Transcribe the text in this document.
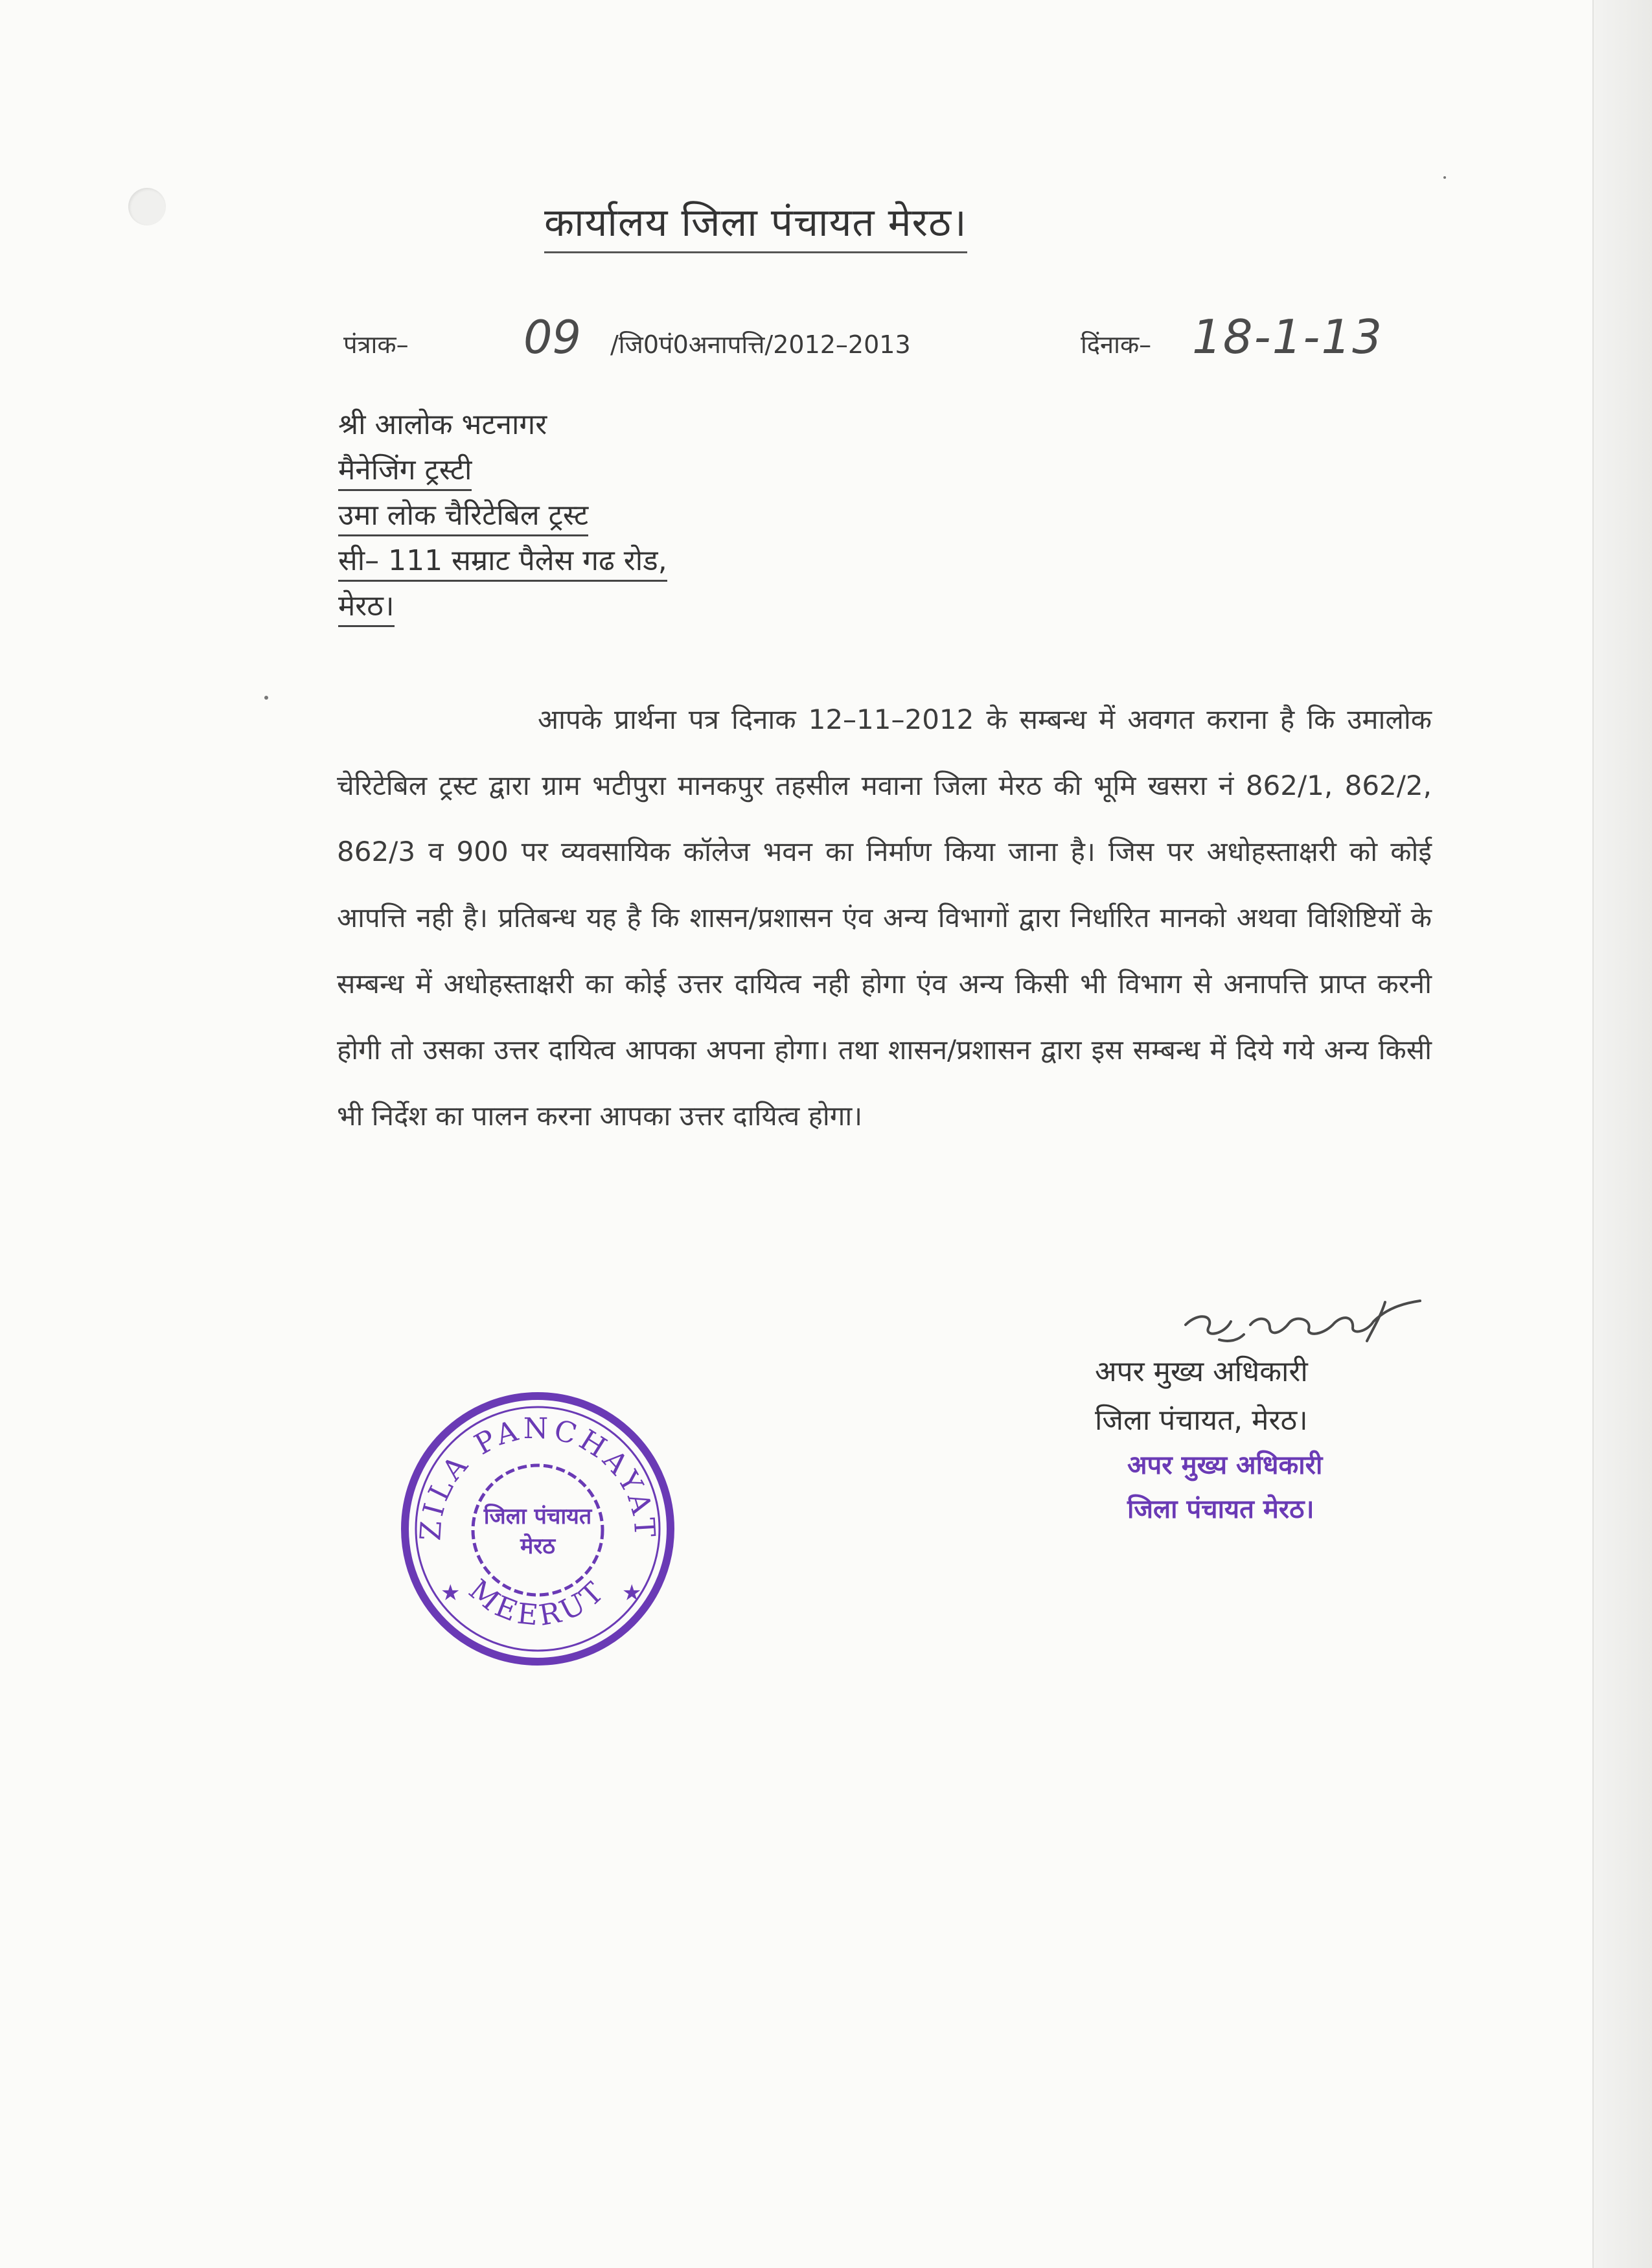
कार्यालय जिला पंचायत मेरठ।
पंत्राक–	09 /जि0पं0अनापत्ति/2012–2013	दिंनाक– 18-1-13
श्री आलोक भटनागर
मैनेजिंग ट्रस्टी
उमा लोक चैरिटेबिल ट्रस्ट
सी– 111 सम्राट पैलेस गढ रोड,
मेरठ।
आपके प्रार्थना पत्र दिनाक 12–11–2012 के सम्बन्ध में अवगत कराना है कि उमालोक चेरिटेबिल ट्रस्ट द्वारा ग्राम भटीपुरा मानकपुर तहसील मवाना जिला मेरठ की भूमि खसरा नं 862/1, 862/2, 862/3 व 900 पर व्यवसायिक कॉलेज भवन का निर्माण किया जाना है। जिस पर अधोहस्ताक्षरी को कोई आपत्ति नही है। प्रतिबन्ध यह है कि शासन/प्रशासन एंव अन्य विभागों द्वारा निर्धारित मानको अथवा विशिष्टियों के सम्बन्ध में अधोहस्ताक्षरी का कोई उत्तर दायित्व नही होगा एंव अन्य किसी भी विभाग से अनापत्ति प्राप्त करनी होगी तो उसका उत्तर दायित्व आपका अपना होगा। तथा शासन/प्रशासन द्वारा इस सम्बन्ध में दिये गये अन्य किसी भी निर्देश का पालन करना आपका उत्तर दायित्व होगा।
अपर मुख्य अधिकारी
जिला पंचायत, मेरठ।
अपर मुख्य अधिकारी
जिला पंचायत मेरठ।
ZILA PANCHAYAT
MEERUT
जिला पंचायत
मेरठ
★	★
